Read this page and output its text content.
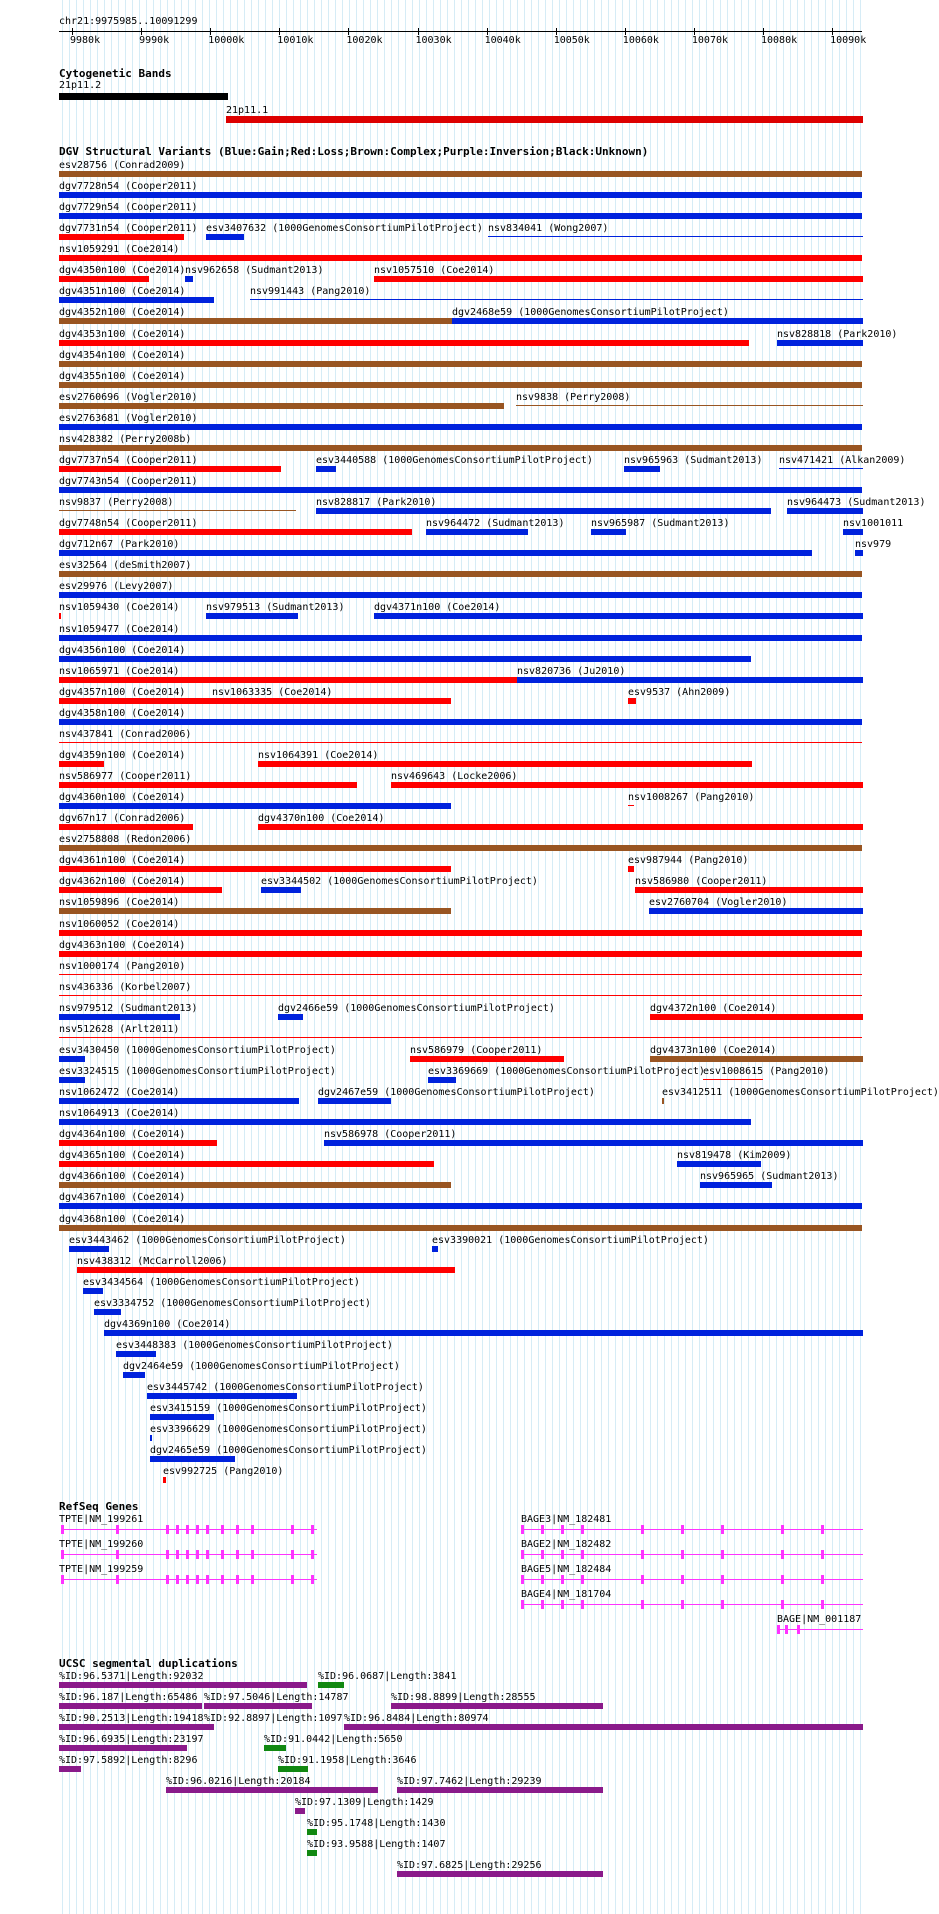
chr21:9975985..10091299
9980k	9990k	10000k	10010k	10020k	10030k	10040k	10050k	10060k	10070k	10080k	10090k
Cytogenetic Bands
DGV Structural Variants (Blue:Gain;Red:Loss;Brown:Complex;Purple:Inversion;Black:Unknown)
RefSeq Genes
UCSC segmental duplications
21p11.2
21p11.1
esv28756 (Conrad2009)
dgv7728n54 (Cooper2011)
dgv7729n54 (Cooper2011)
dgv7731n54 (Cooper2011) esv3407632 (1000GenomesConsortiumPilotProject) nsv834041 (Wong2007)
nsv1059291 (Coe2014)
dgv4350n100 (Coe2014) nsv962658 (Sudmant2013)	nsv1057510 (Coe2014)
dgv4351n100 (Coe2014)	nsv991443 (Pang2010)
dgv4352n100 (Coe2014)	dgv2468e59 (1000GenomesConsortiumPilotProject)
dgv4353n100 (Coe2014)	nsv828818 (Park2010)
dgv4354n100 (Coe2014)
dgv4355n100 (Coe2014)
esv2760696 (Vogler2010)	nsv9838 (Perry2008)
esv2763681 (Vogler2010)
nsv428382 (Perry2008b)
dgv7737n54 (Cooper2011)	esv3440588 (1000GenomesConsortiumPilotProject)	nsv965963 (Sudmant2013) nsv471421 (Alkan2009)
dgv7743n54 (Cooper2011)
nsv9837 (Perry2008)	nsv828817 (Park2010)	nsv964473 (Sudmant2013)
dgv7748n54 (Cooper2011)	nsv964472 (Sudmant2013)	nsv965987 (Sudmant2013)	nsv1001011
dgv712n67 (Park2010)	nsv979
esv32564 (deSmith2007)
esv29976 (Levy2007)
nsv1059430 (Coe2014)	nsv979513 (Sudmant2013)	dgv4371n100 (Coe2014)
nsv1059477 (Coe2014)
dgv4356n100 (Coe2014)
nsv1065971 (Coe2014)	nsv820736 (Ju2010)
dgv4357n100 (Coe2014)	nsv1063335 (Coe2014)	esv9537 (Ahn2009)
dgv4358n100 (Coe2014)
nsv437841 (Conrad2006)
dgv4359n100 (Coe2014)	nsv1064391 (Coe2014)
nsv586977 (Cooper2011)	nsv469643 (Locke2006)
dgv4360n100 (Coe2014)	nsv1008267 (Pang2010)
dgv67n17 (Conrad2006)	dgv4370n100 (Coe2014)
esv2758808 (Redon2006)
dgv4361n100 (Coe2014)	esv987944 (Pang2010)
dgv4362n100 (Coe2014)	esv3344502 (1000GenomesConsortiumPilotProject)	nsv586980 (Cooper2011)
nsv1059896 (Coe2014)	esv2760704 (Vogler2010)
nsv1060052 (Coe2014)
dgv4363n100 (Coe2014)
nsv1000174 (Pang2010)
nsv436336 (Korbel2007)
nsv979512 (Sudmant2013)	dgv2466e59 (1000GenomesConsortiumPilotProject)	dgv4372n100 (Coe2014)
nsv512628 (Arlt2011)
esv3430450 (1000GenomesConsortiumPilotProject)	nsv586979 (Cooper2011)	dgv4373n100 (Coe2014)
esv3324515 (1000GenomesConsortiumPilotProject)	esv3369669 (1000GenomesConsortiumPilotProject)
esv1008615 (Pang2010)
nsv1062472 (Coe2014)	dgv2467e59 (1000GenomesConsortiumPilotProject)	esv3412511 (1000GenomesConsortiumPilotProject)
nsv1064913 (Coe2014)
dgv4364n100 (Coe2014)	nsv586978 (Cooper2011)
dgv4365n100 (Coe2014)	nsv819478 (Kim2009)
dgv4366n100 (Coe2014)	nsv965965 (Sudmant2013)
dgv4367n100 (Coe2014)
dgv4368n100 (Coe2014)
esv3443462 (1000GenomesConsortiumPilotProject)	esv3390021 (1000GenomesConsortiumPilotProject)
nsv438312 (McCarroll2006)
esv3434564 (1000GenomesConsortiumPilotProject)
esv3334752 (1000GenomesConsortiumPilotProject)
dgv4369n100 (Coe2014)
esv3448383 (1000GenomesConsortiumPilotProject)
dgv2464e59 (1000GenomesConsortiumPilotProject)
esv3445742 (1000GenomesConsortiumPilotProject)
esv3415159 (1000GenomesConsortiumPilotProject)
esv3396629 (1000GenomesConsortiumPilotProject)
dgv2465e59 (1000GenomesConsortiumPilotProject)
esv992725 (Pang2010)
TPTE|NM_199261
TPTE|NM_199260
TPTE|NM_199259
BAGE3|NM_182481
BAGE2|NM_182482
BAGE5|NM_182484
BAGE4|NM_181704
BAGE|NM_001187
%ID:96.5371|Length:92032	%ID:96.0687|Length:3841
%ID:96.187|Length:65486 %ID:97.5046|Length:14787	%ID:98.8899|Length:28555
%ID:90.2513|Length:19418 %ID:92.8897|Length:1097 %ID:96.8484|Length:80974
%ID:96.6935|Length:23197	%ID:91.0442|Length:5650
%ID:97.5892|Length:8296	%ID:91.1958|Length:3646
%ID:96.0216|Length:20184	%ID:97.7462|Length:29239
%ID:97.1309|Length:1429
%ID:95.1748|Length:1430
%ID:93.9588|Length:1407
%ID:97.6825|Length:29256
